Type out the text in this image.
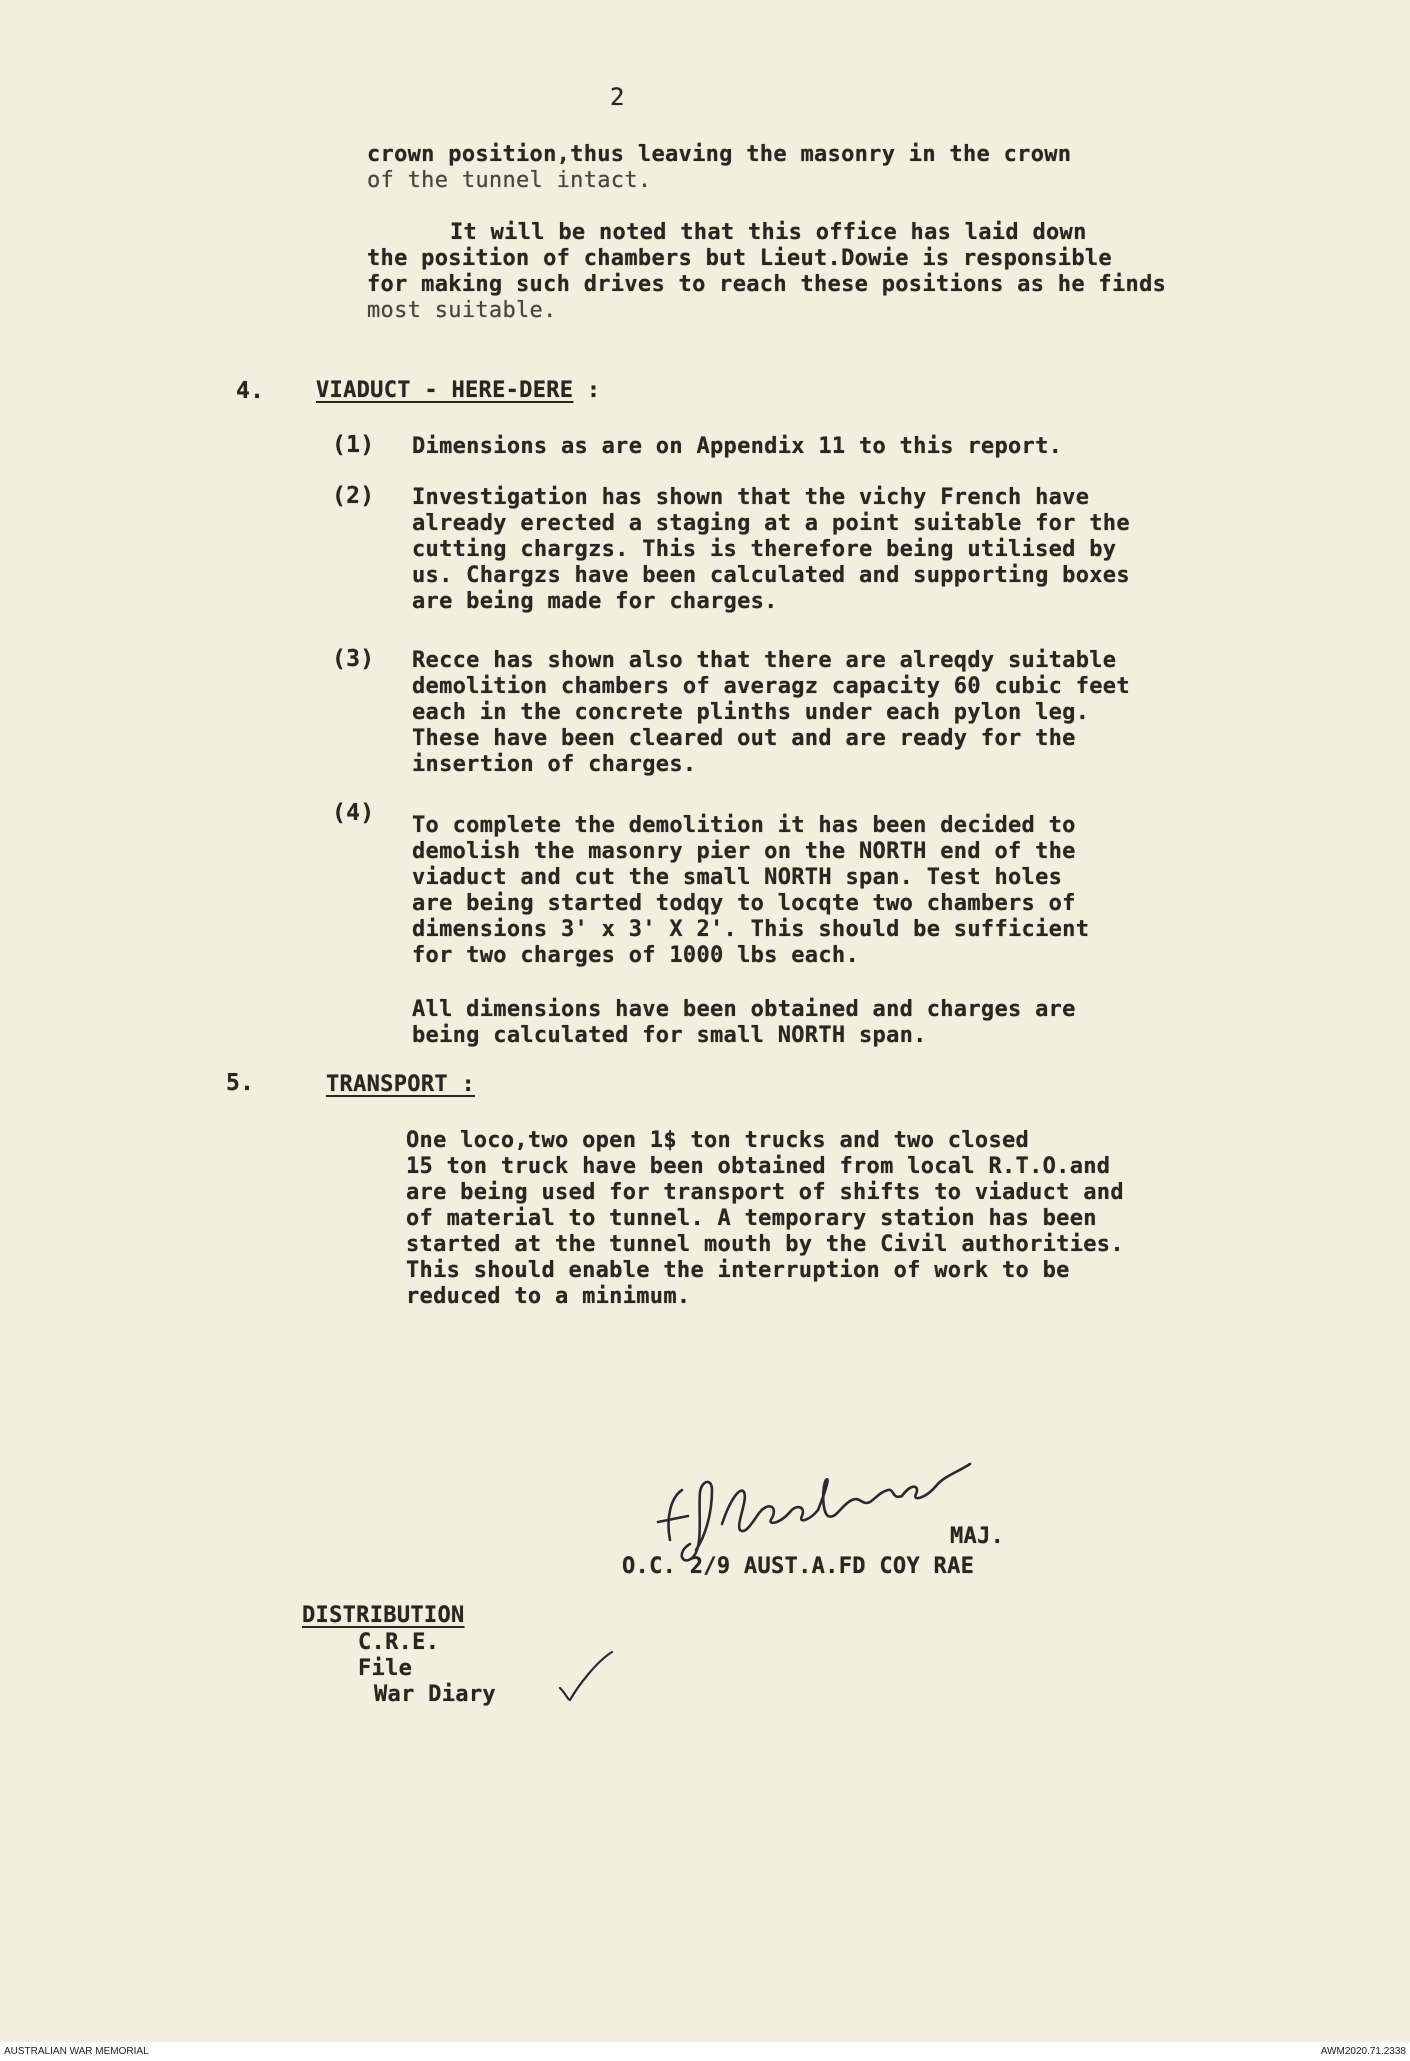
2
crown position,thus leaving the masonry in the crown
of the tunnel intact.
It will be noted that this office has laid down
the position of chambers but Lieut.Dowie is responsible
for making such drives to reach these positions as he finds
most suitable.
4. VIADUCT - HERE-DERE :
(1) Dimensions as are on Appendix 11 to this report.
(2) Investigation has shown that the vichy French have
already erected a staging at a point suitable for the
cutting chargzs. This is therefore being utilised by
us. Chargzs have been calculated and supporting boxes
are being made for charges.
(3) Recce has shown also that there are alreqdy suitable
demolition chambers of averagz capacity 60 cubic feet
each in the concrete plinths under each pylon leg.
These have been cleared out and are ready for the
insertion of charges.
(4) To complete the demolition it has been decided to
demolish the masonry pier on the NORTH end of the
viaduct and cut the small NORTH span. Test holes
are being started todqy to locqte two chambers of
dimensions 3' x 3' X 2'. This should be sufficient
for two charges of 1000 lbs each.
All dimensions have been obtained and charges are
being calculated for small NORTH span.
5.	TRANSPORT :
One loco,two open 1$ ton trucks and two closed
15 ton truck have been obtained from local R.T.O.and
are being used for transport of shifts to viaduct and
of material to tunnel. A temporary station has been
started at the tunnel mouth by the Civil authorities.
This should enable the interruption of work to be
reduced to a minimum.
MAJ.
O.C. 2/9 AUST.A.FD COY RAE
DISTRIBUTION
C.R.E.
File
War Diary
AUSTRALIAN WAR MEMORIAL	AWM2020.71.2338
